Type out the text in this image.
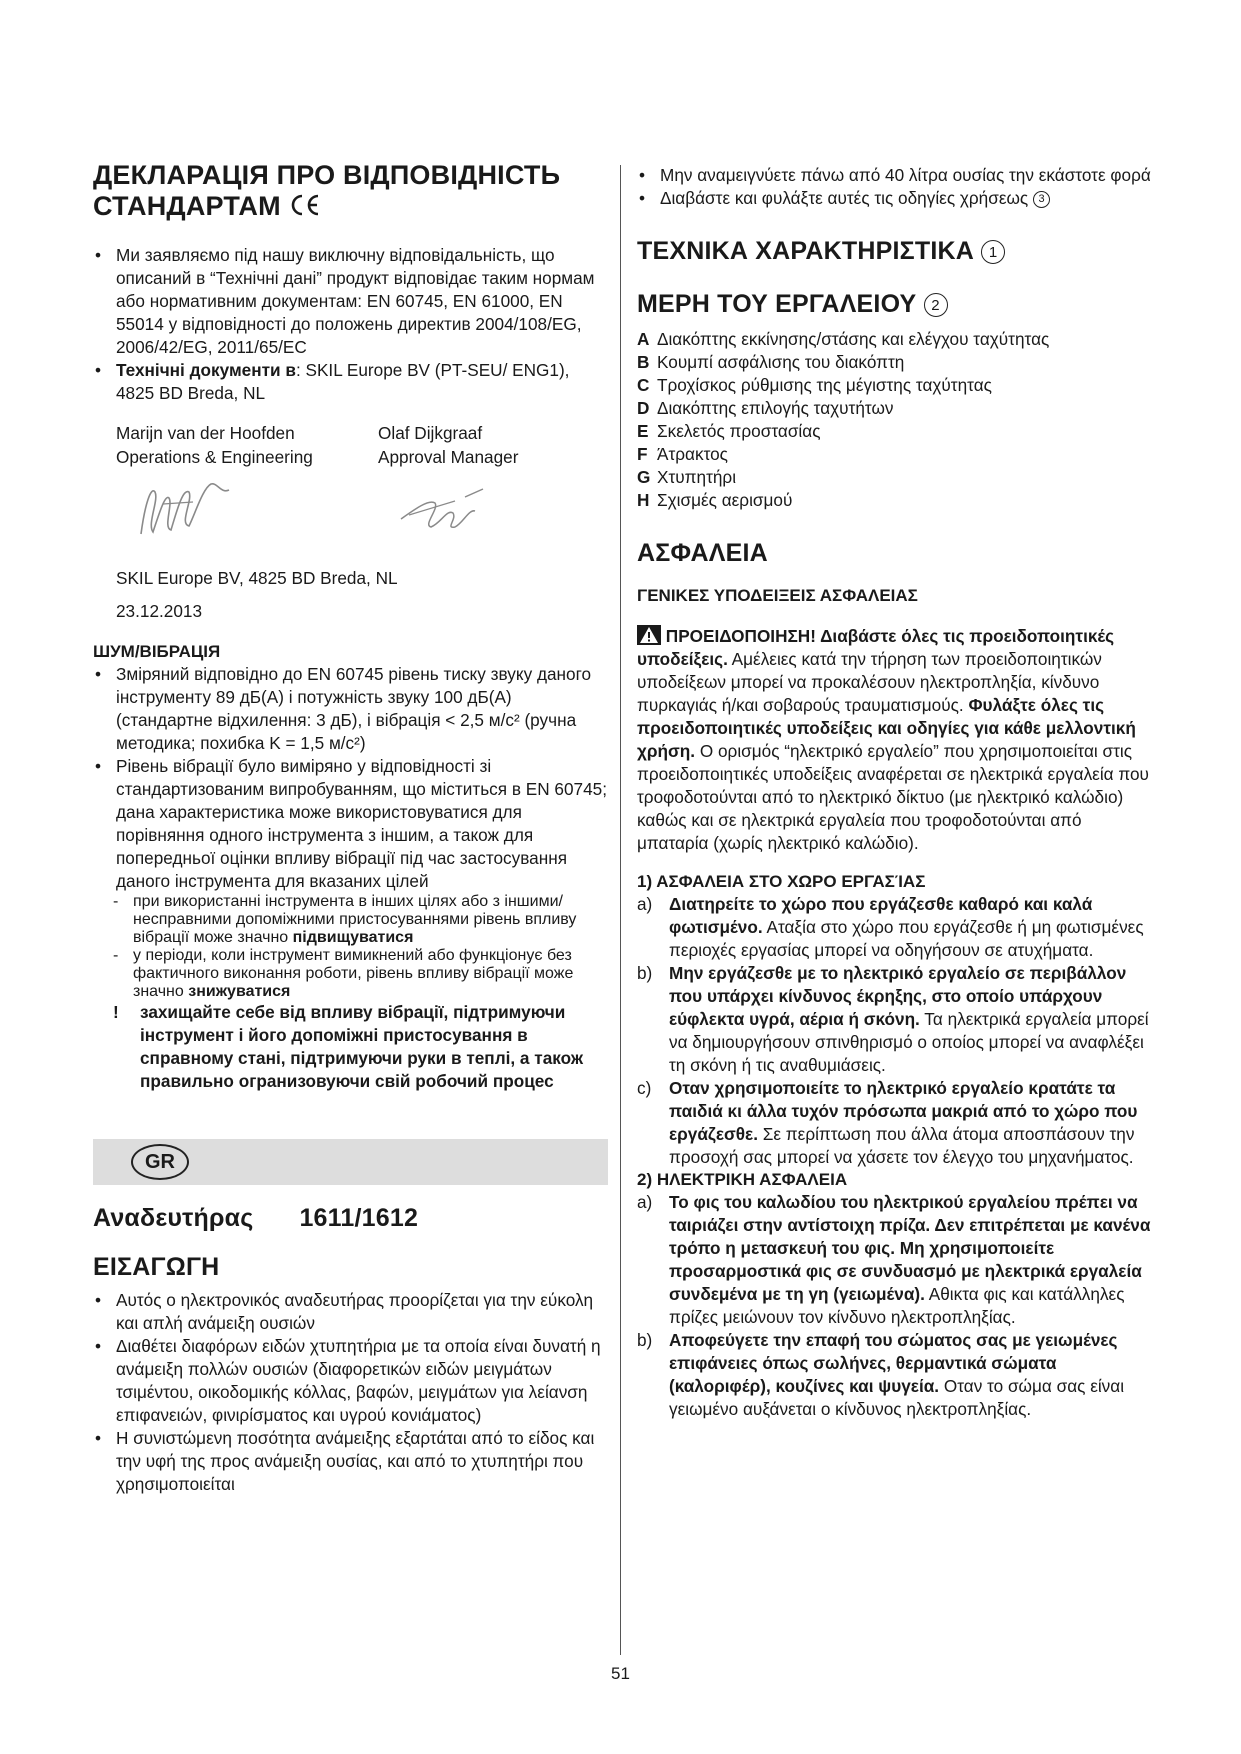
ДЕКЛАРАЦІЯ ПРО ВІДПОВІДНІСТЬ
СТАНДАРТАМ
• Ми заявляємо під нашу виключну відповідальність, що описаний в “Технічні дані” продукт відповідає таким нормам або нормативним документам: EN 60745, EN 61000, EN 55014 у відповідності до положень директив 2004/108/EG, 2006/42/EG, 2011/65/EC
• Технічні документи в: SKIL Europe BV (PT-SEU/ ENG1), 4825 BD Breda, NL
Marijn van der Hoofden
Operations & Engineering
Olaf Dijkgraaf
Approval Manager

SKIL Europe BV, 4825 BD Breda, NL

23.12.2013

ШУМ/ВІБРАЦІЯ
• Зміряний відповідно до EN 60745 рівень тиску звуку даного інструменту 89 дБ(A) і потужність звуку 100 дБ(A) (стандартне відхилення: 3 дБ), і вібрація < 2,5 м/с² (ручна методика; похибка K = 1,5 м/с²)
• Рівень вібрації було виміряно у відповідності зі стандартизованим випробуванням, що міститься в EN 60745; дана характеристика може використовуватися для порівняння одного інструмента з іншим, а також для попередньої оцінки впливу вібрації під час застосування даного інструмента для вказаних цілей
- при використанні інструмента в інших цілях або з іншими/несправними допоміжними пристосуваннями рівень впливу вібрації може значно підвищуватися
- у періоди, коли інструмент вимикнений або функціонує без фактичного виконання роботи, рівень впливу вібрації може значно знижуватися
! захищайте себе від впливу вібрації, підтримуючи інструмент і його допоміжні пристосування в справному стані, підтримуючи руки в теплі, а також правильно огранизовуючи свій робочий процес
GR
Αναδευτήρας 1611/1612
ΕΙΣΑΓΩΓΗ
• Αυτός ο ηλεκτρονικός αναδευτήρας προορίζεται για την εύκολη και απλή ανάμειξη ουσιών
• Διαθέτει διαφόρων ειδών χτυπητήρια με τα οποία είναι δυνατή η ανάμειξη πολλών ουσιών (διαφορετικών ειδών μειγμάτων τσιμέντου, οικοδομικής κόλλας, βαφών, μειγμάτων για λείανση επιφανειών, φινιρίσματος και υγρού κονιάματος)
• Η συνιστώμενη ποσότητα ανάμειξης εξαρτάται από το είδος και την υφή της προς ανάμειξη ουσίας, και από το χτυπητήρι που χρησιμοποιείται
• Μην αναμειγνύετε πάνω από 40 λίτρα ουσίας την εκάστοτε φορά
• Διαβάστε και φυλάξτε αυτές τις οδηγίες χρήσεως 3
ΤΕΧΝΙΚΑ ΧΑΡΑΚΤΗΡΙΣΤΙΚΑ 1
ΜΕΡΗ ΤΟΥ ΕΡΓΑΛΕΙΟΥ 2

A Διακόπτης εκκίνησης/στάσης και ελέγχου ταχύτητας

B Κουμπί ασφάλισης του διακόπτη

C Τροχίσκος ρύθμισης της μέγιστης ταχύτητας

D Διακόπτης επιλογής ταχυτήτων

E Σκελετός προστασίας

F Άτρακτος

G Χτυπητήρι

H Σχισμές αερισμού

ΑΣΦΑΛΕΙΑ
ΓΕΝΙΚΕΣ ΥΠΟΔΕΙΞΕΙΣ ΑΣΦΑΛΕΙΑΣ

ΠΡΟΕΙΔΟΠΟΙΗΣΗ! Διαβάστε όλες τις προειδοποιητικές υποδείξεις. Αμέλειες κατά την τήρηση των προειδοποιητικών υποδείξεων μπορεί να προκαλέσουν ηλεκτροπληξία, κίνδυνο πυρκαγιάς ή/και σοβαρούς τραυματισμούς. Φυλάξτε όλες τις προειδοποιητικές υποδείξεις και οδηγίες για κάθε μελλοντική χρήση. Ο ορισμός “ηλεκτρικό εργαλείο” που χρησιμοποιείται στις προειδοποιητικές υποδείξεις αναφέρεται σε ηλεκτρικά εργαλεία που τροφοδοτούνται από το ηλεκτρικό δίκτυο (με ηλεκτρικό καλώδιο) καθώς και σε ηλεκτρικά εργαλεία που τροφοδοτούνται από μπαταρία (χωρίς ηλεκτρικό καλώδιο).

1) ΑΣΦΑΛΕΙΑ ΣΤΟ ΧΩΡΟ ΕΡΓΑΣΊΑΣ

a) Διατηρείτε το χώρο που εργάζεσθε καθαρό και καλά φωτισμένο. Αταξία στο χώρο που εργάζεσθε ή μη φωτισμένες περιοχές εργασίας μπορεί να οδηγήσουν σε ατυχήματα.

b) Μην εργάζεσθε με το ηλεκτρικό εργαλείο σε περιβάλλον που υπάρχει κίνδυνος έκρηξης, στο οποίο υπάρχουν εύφλεκτα υγρά, αέρια ή σκόνη. Τα ηλεκτρικά εργαλεία μπορεί να δημιουργήσουν σπινθηρισμό ο οποίος μπορεί να αναφλέξει τη σκόνη ή τις αναθυμιάσεις.

c) Οταν χρησιμοποιείτε το ηλεκτρικό εργαλείο κρατάτε τα παιδιά κι άλλα τυχόν πρόσωπα μακριά από το χώρο που εργάζεσθε. Σε περίπτωση που άλλα άτομα αποσπάσουν την προσοχή σας μπορεί να χάσετε τον έλεγχο του μηχανήματος.

2) ΗΛΕΚΤΡΙΚΗ ΑΣΦΑΛΕΙΑ

a) Το φις του καλωδίου του ηλεκτρικού εργαλείου πρέπει να ταιριάζει στην αντίστοιχη πρίζα. Δεν επιτρέπεται με κανένα τρόπο η μετασκευή του φις. Μη χρησιμοποιείτε προσαρμοστικά φις σε συνδυασμό με ηλεκτρικά εργαλεία συνδεμένα με τη γη (γειωμένα). Αθικτα φις και κατάλληλες πρίζες μειώνουν τον κίνδυνο ηλεκτροπληξίας.

b) Αποφεύγετε την επαφή του σώματος σας με γειωμένες επιφάνειες όπως σωλήνες, θερμαντικά σώματα (καλοριφέρ), κουζίνες και ψυγεία. Οταν το σώμα σας είναι γειωμένο αυξάνεται ο κίνδυνος ηλεκτροπληξίας.

51
